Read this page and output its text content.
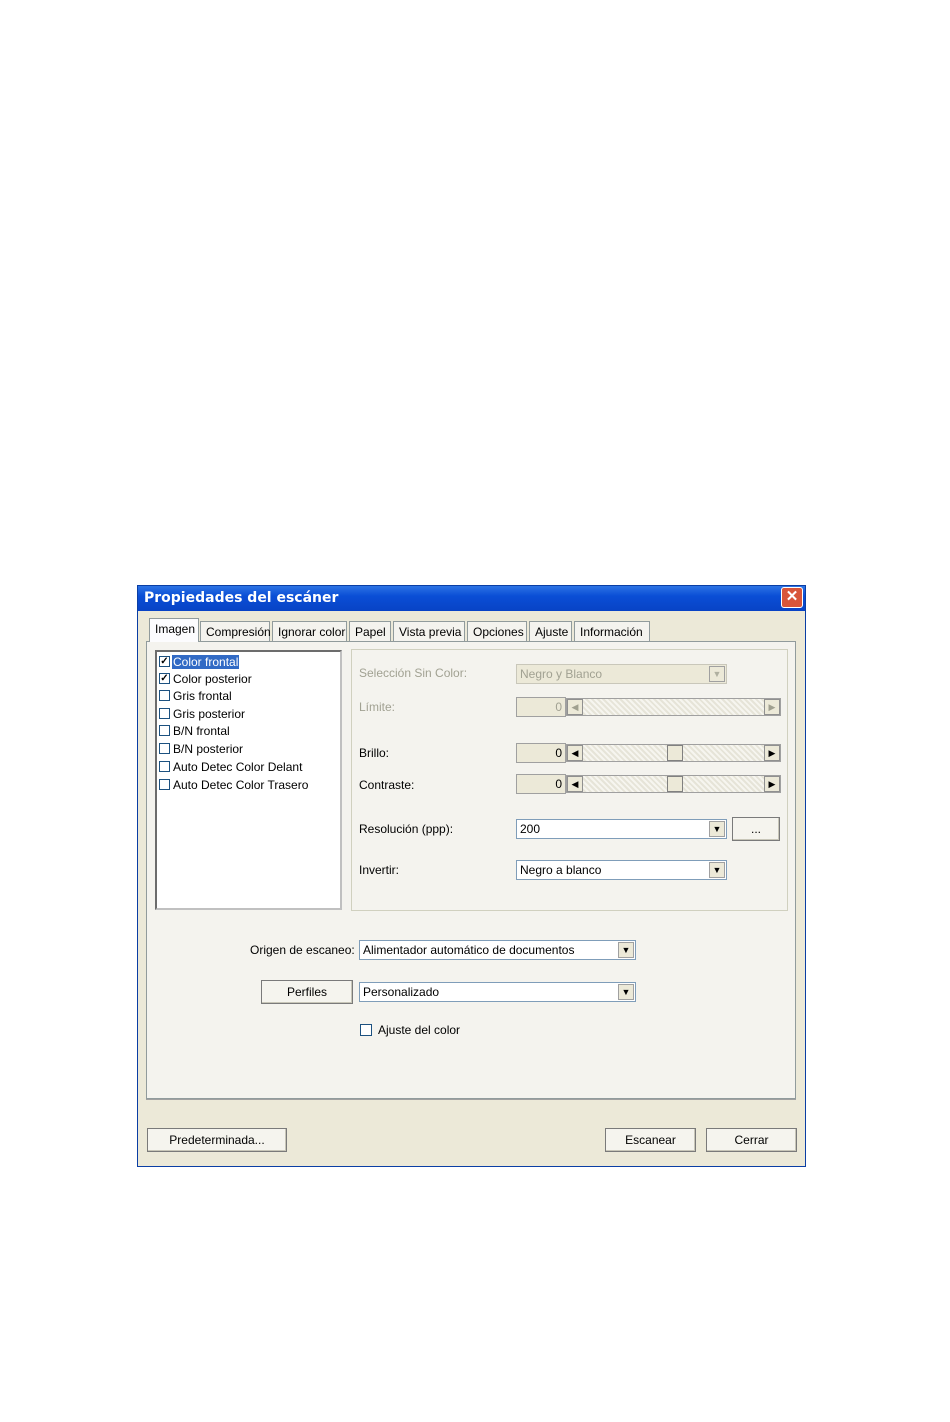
Propiedades del escáner	✕
Imagen Compresión Ignorar color Papel	Vista previa Opciones Ajuste Información
✓ Color frontal
✓ Color posterior
Gris frontal
Gris posterior
B/N frontal
B/N posterior
Auto Detec Color Delant
Auto Detec Color Trasero
Selección Sin Color:	Negro y Blanco	▼
Límite:	0	◀	▶
Brillo:	0	◀	▶
Contraste:	0	◀	▶
Resolución (ppp):	200	▼	...
Invertir:	Negro a blanco	▼
Origen de escaneo: Alimentador automático de documentos	▼
Perfiles	Personalizado	▼
Ajuste del color
Predeterminada...	Escanear	Cerrar
